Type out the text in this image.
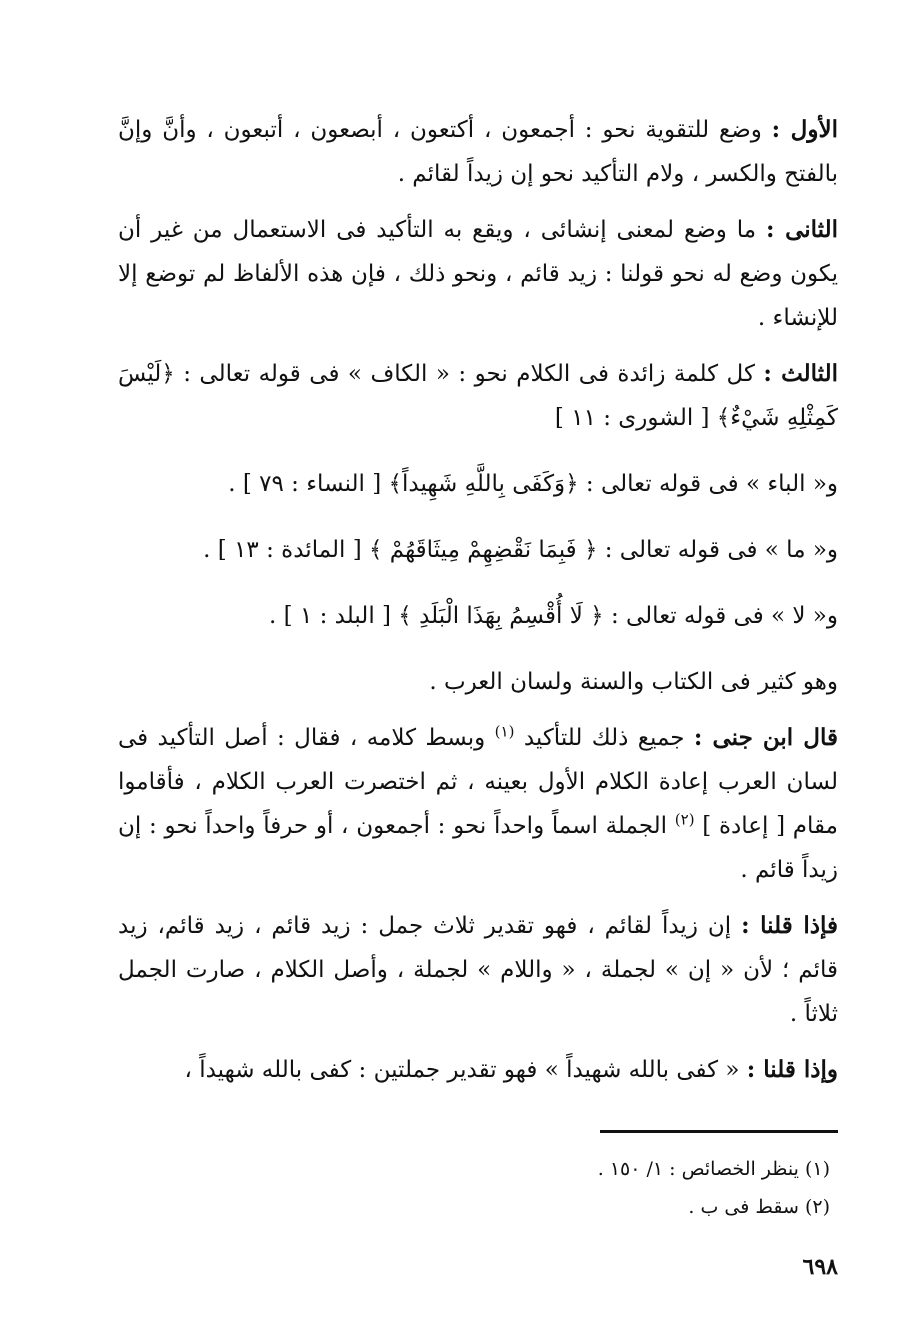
الأول : وضع للتقوية نحو : أجمعون ، أكتعون ، أبصعون ، أتبعون ، وأنَّ وإنَّ بالفتح والكسر ، ولام التأكيد نحو إن زيداً لقائم .

الثانى : ما وضع لمعنى إنشائى ، ويقع به التأكيد فى الاستعمال من غير أن يكون وضع له نحو قولنا : زيد قائم ، ونحو ذلك ، فإن هذه الألفاظ لم توضع إلا للإنشاء .

الثالث : كل كلمة زائدة فى الكلام نحو : « الكاف » فى قوله تعالى : ﴿لَيْسَ كَمِثْلِهِ شَيْءٌ﴾ [ الشورى : ١١ ]

و« الباء » فى قوله تعالى : ﴿وَكَفَى بِاللَّهِ شَهِيداً﴾ [ النساء : ٧٩ ] .

و« ما » فى قوله تعالى : ﴿ فَبِمَا نَقْضِهِمْ مِيثَاقَهُمْ ﴾ [ المائدة : ١٣ ] .

و« لا » فى قوله تعالى : ﴿ لَا أُقْسِمُ بِهَذَا الْبَلَدِ ﴾ [ البلد : ١ ] .

وهو كثير فى الكتاب والسنة ولسان العرب .

قال ابن جنى : جميع ذلك للتأكيد $^{(١)}$ وبسط كلامه ، فقال : أصل التأكيد فى لسان العرب إعادة الكلام الأول بعينه ، ثم اختصرت العرب الكلام ، فأقاموا مقام [ إعادة ] $^{(٢)}$ الجملة اسماً واحداً نحو : أجمعون ، أو حرفاً واحداً نحو : إن زيداً قائم .

فإذا قلنا : إن زيداً لقائم ، فهو تقدير ثلاث جمل : زيد قائم ، زيد قائم، زيد قائم ؛ لأن « إن » لجملة ، « واللام » لجملة ، وأصل الكلام ، صارت الجمل ثلاثاً .

وإذا قلنا : « كفى بالله شهيداً » فهو تقدير جملتين : كفى بالله شهيداً ،

(١) ينظر الخصائص : ١/ ١٥٠ .

(٢) سقط فى ب .

٦٩٨
